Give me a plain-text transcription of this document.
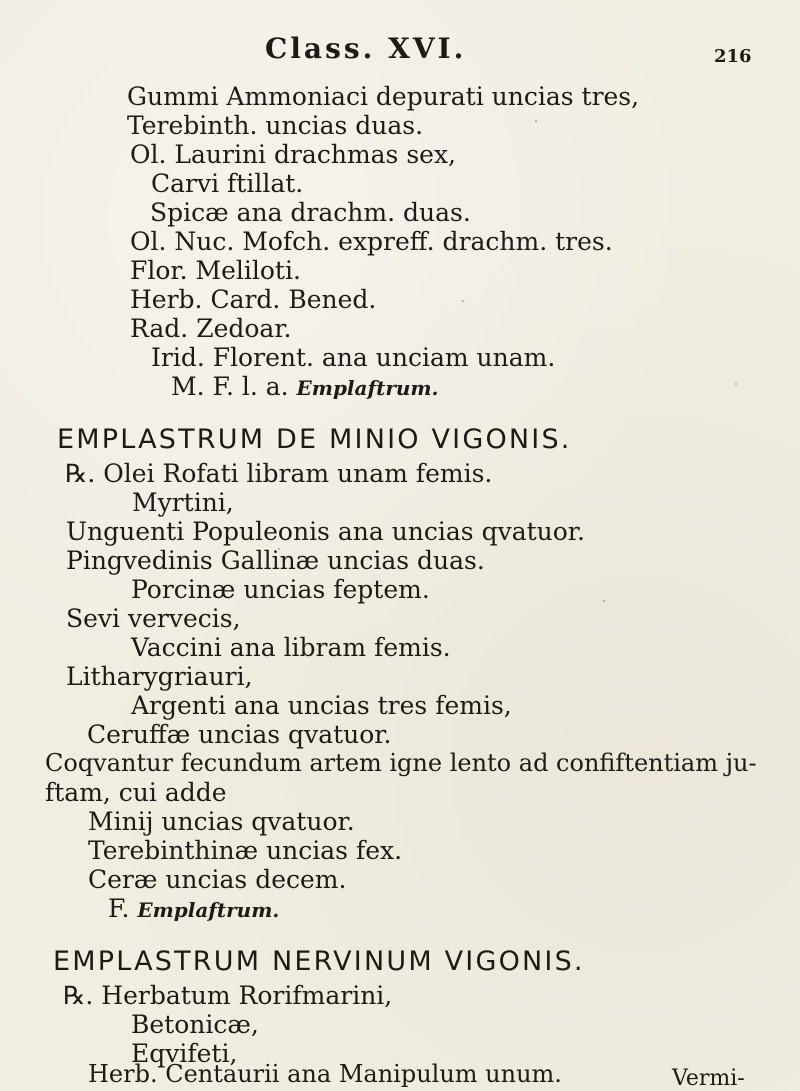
Class. XVI.	216
Gummi Ammoniaci depurati uncias tres,
Terebinth. uncias duas.
Ol. Laurini drachmas sex,
Carvi ftillat.
Spicæ ana drachm. duas.
Ol. Nuc. Mofch. expreff. drachm. tres.
Flor. Meliloti.
Herb. Card. Bened.
Rad. Zedoar.
Irid. Florent. ana unciam unam.
M. F. l. a. Emplaftrum.
EMPLASTRUM DE MINIO VIGONIS.
℞. Olei Rofati libram unam femis.
Myrtini,
Unguenti Populeonis ana uncias qvatuor.
Pingvedinis Gallinæ uncias duas.
Porcinæ uncias feptem.
Sevi vervecis,
Vaccini ana libram femis.
Litharygriauri,
Argenti ana uncias tres femis,
Ceruffæ uncias qvatuor.
Coqvantur fecundum artem igne lento ad confiftentiam ju-
ftam, cui adde
Minij uncias qvatuor.
Terebinthinæ uncias fex.
Ceræ uncias decem.
F. Emplaftrum.
EMPLASTRUM NERVINUM VIGONIS.
℞. Herbatum Rorifmarini,
Betonicæ,
Eqvifeti,
Herb. Centaurii ana Manipulum unum.	Vermi-
